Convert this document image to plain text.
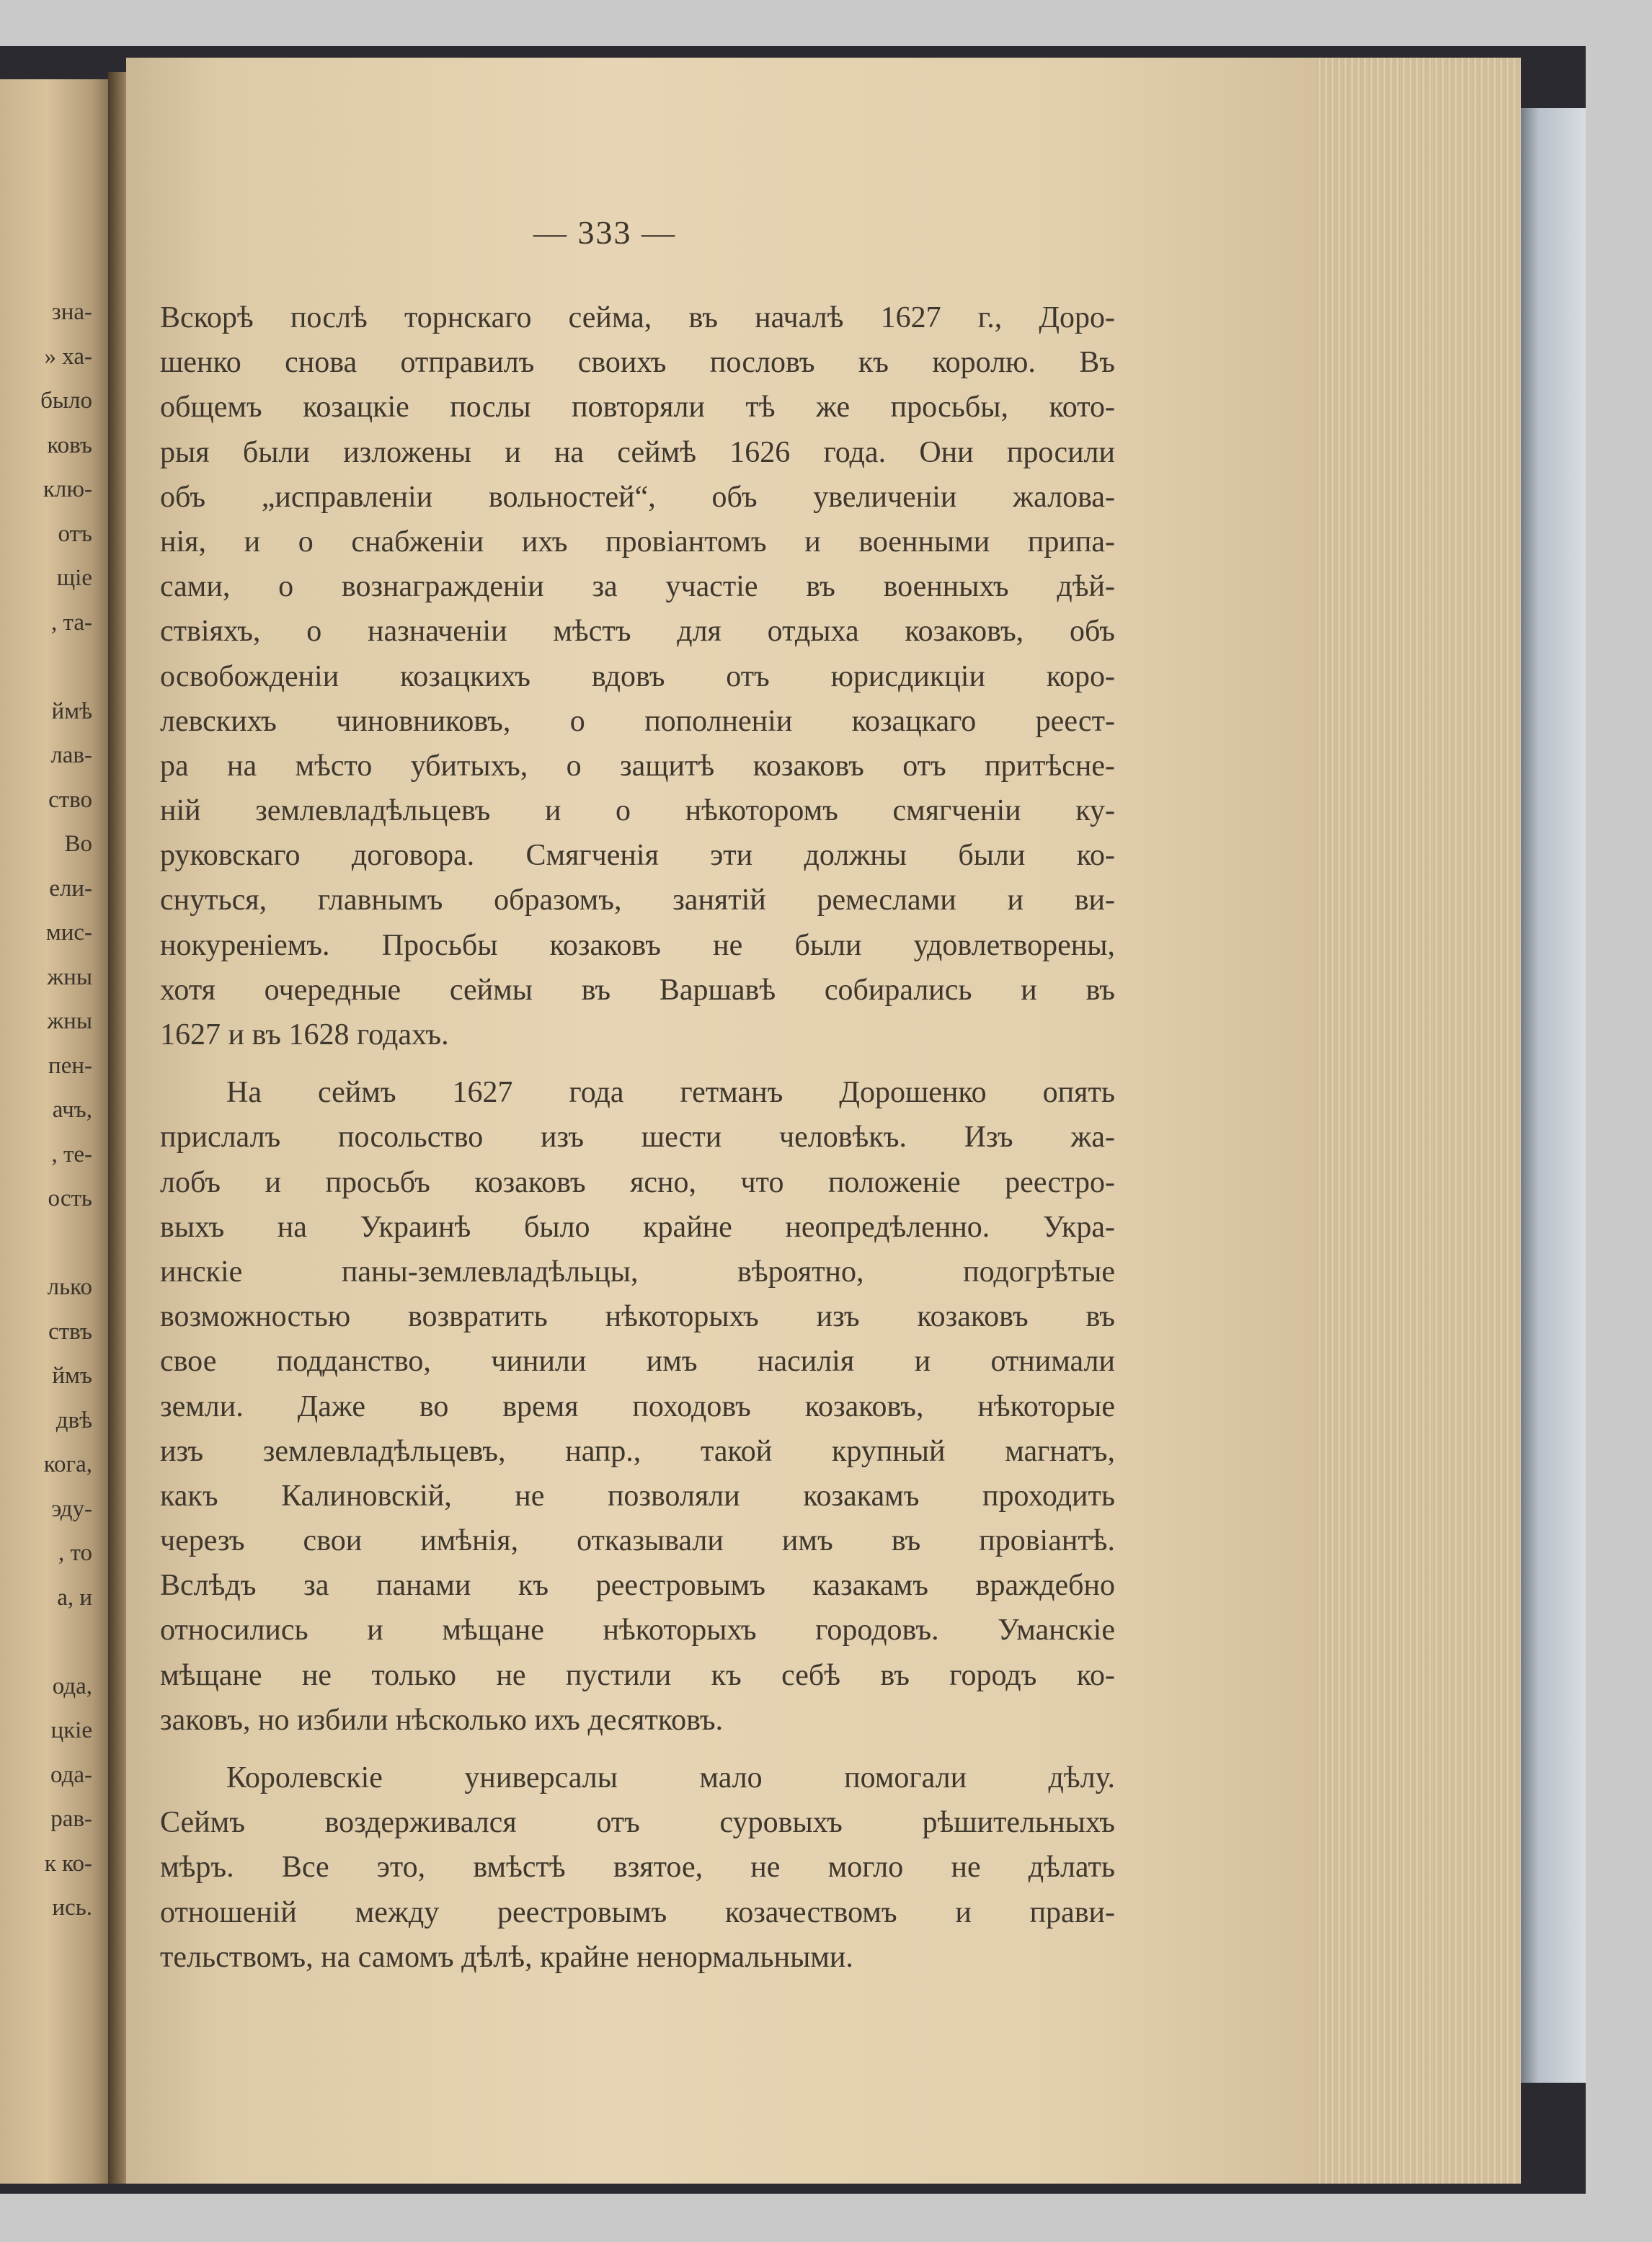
зна-
» ха-
было
ковъ
клю-
отъ
щіе
, та-
ймѣ
лав-
ство
Во
ели-
мис-
жны
жны
пен-
ачъ,
, те-
ость
лько
ствъ
ймъ
двѣ
кога,
эду-
, то
а, и
ода,
цкіе
ода-
рав-
к ко-
ись.
— 333 —
Вскорѣ послѣ торнскаго сейма, въ началѣ 1627 г., Доро-
шенко снова отправилъ своихъ пословъ къ королю. Въ
общемъ козацкіе послы повторяли тѣ же просьбы, кото-
рыя были изложены и на сеймѣ 1626 года. Они просили
объ „исправленіи вольностей“, объ увеличеніи жалова-
нія, и о снабженіи ихъ провіантомъ и военными припа-
сами, о вознагражденіи за участіе въ военныхъ дѣй-
ствіяхъ, о назначеніи мѣстъ для отдыха козаковъ, объ
освобожденіи козацкихъ вдовъ отъ юрисдикціи коро-
левскихъ чиновниковъ, о пополненіи козацкаго реест-
ра на мѣсто убитыхъ, о защитѣ козаковъ отъ притѣсне-
ній землевладѣльцевъ и о нѣкоторомъ смягченіи ку-
руковскаго договора. Смягченія эти должны были ко-
снуться, главнымъ образомъ, занятій ремеслами и ви-
нокуреніемъ. Просьбы козаковъ не были удовлетворены,
хотя очередные сеймы въ Варшавѣ собирались и въ
1627 и въ 1628 годахъ.
На сеймъ 1627 года гетманъ Дорошенко опять
прислалъ посольство изъ шести человѣкъ. Изъ жа-
лобъ и просьбъ козаковъ ясно, что положеніе реестро-
выхъ на Украинѣ было крайне неопредѣленно. Укра-
инскіе паны-землевладѣльцы, вѣроятно, подогрѣтые
возможностью возвратить нѣкоторыхъ изъ козаковъ въ
свое подданство, чинили имъ насилія и отнимали
земли. Даже во время походовъ козаковъ, нѣкоторые
изъ землевладѣльцевъ, напр., такой крупный магнатъ,
какъ Калиновскій, не позволяли козакамъ проходить
черезъ свои имѣнія, отказывали имъ въ провіантѣ.
Вслѣдъ за панами къ реестровымъ казакамъ враждебно
относились и мѣщане нѣкоторыхъ городовъ. Уманскіе
мѣщане не только не пустили къ себѣ въ городъ ко-
заковъ, но избили нѣсколько ихъ десятковъ.
Королевскіе универсалы мало помогали дѣлу.
Сеймъ воздерживался отъ суровыхъ рѣшительныхъ
мѣръ. Все это, вмѣстѣ взятое, не могло не дѣлать
отношеній между реестровымъ козачествомъ и прави-
тельствомъ, на самомъ дѣлѣ, крайне ненормальными.
